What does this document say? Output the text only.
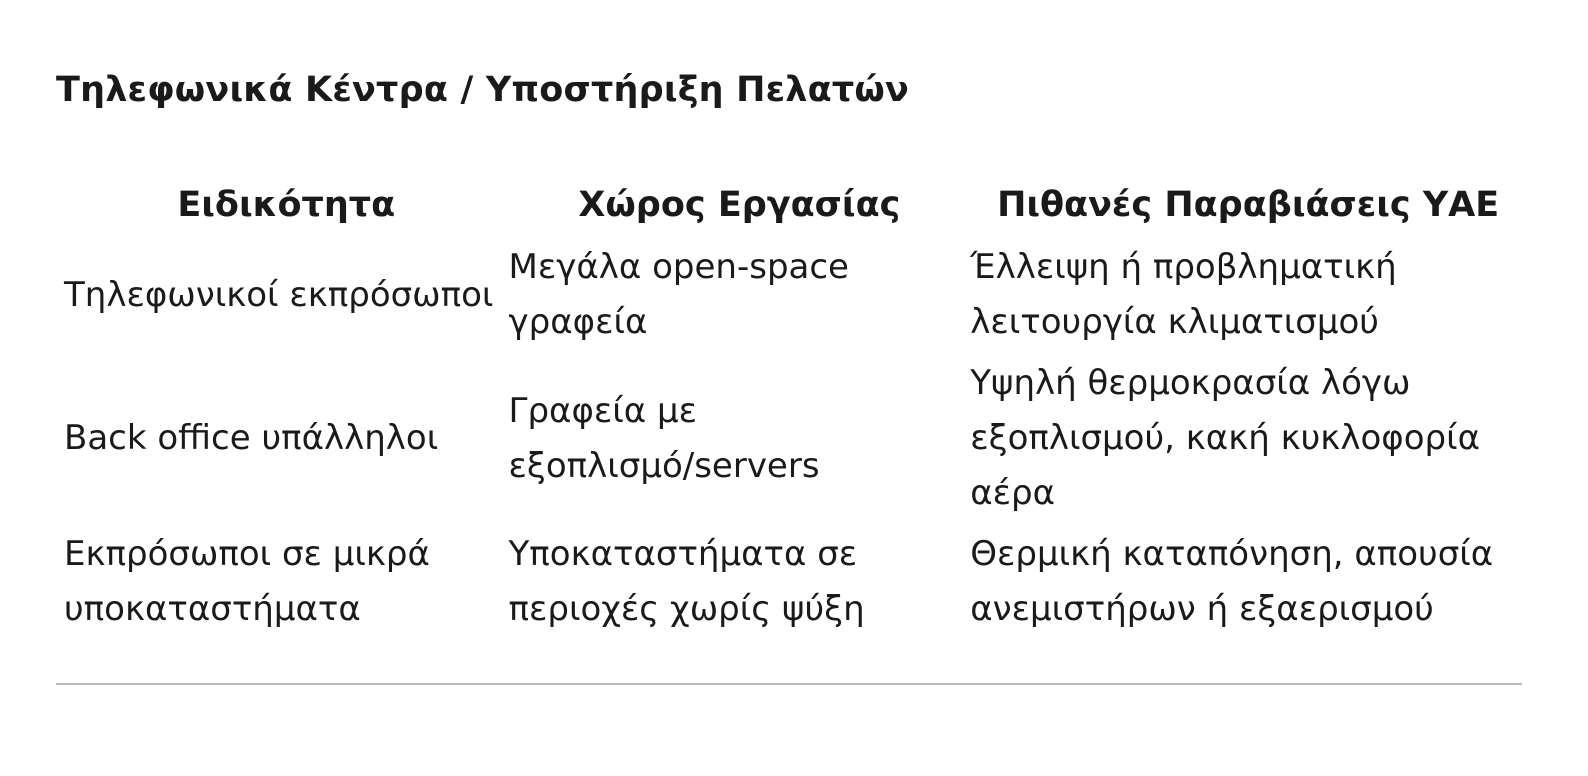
Τηλεφωνικά Κέντρα / Υποστήριξη Πελατών
Ειδικότητα	Χώρος Εργασίας	Πιθανές Παραβιάσεις ΥΑΕ
Τηλεφωνικοί εκπρόσωποι	Μεγάλα open-space γραφεία	Έλλειψη ή προβληματική λειτουργία κλιματισμού
Back office υπάλληλοι	Γραφεία με εξοπλισμό/servers	Υψηλή θερμοκρασία λόγω εξοπλισμού, κακή κυκλοφορία αέρα
Εκπρόσωποι σε μικρά υποκαταστήματα	Υποκαταστήματα σε περιοχές χωρίς ψύξη	Θερμική καταπόνηση, απουσία ανεμιστήρων ή εξαερισμού
